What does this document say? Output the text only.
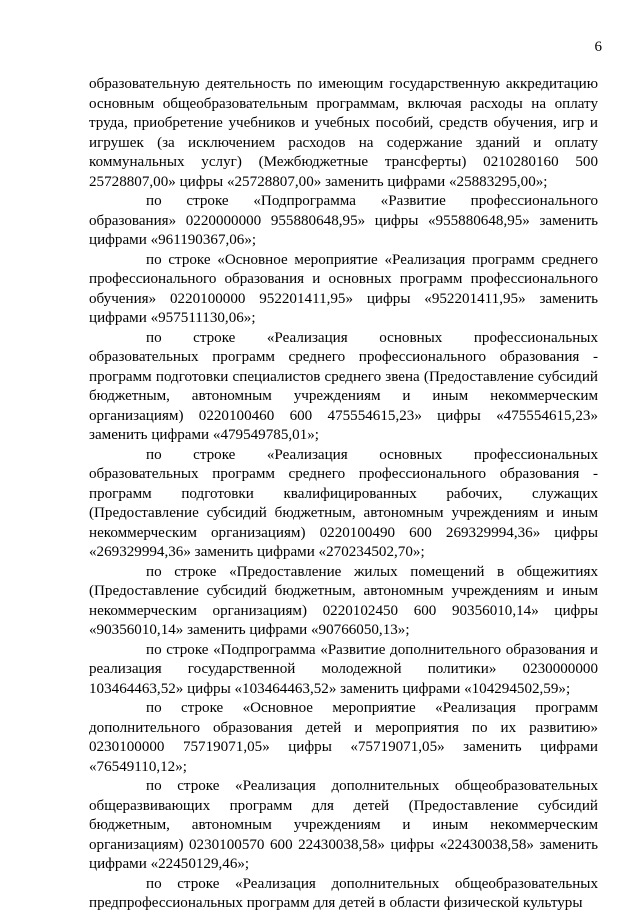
6

образовательную деятельность по имеющим государственную аккредитацию основным общеобразовательным программам, включая расходы на оплату труда, приобретение учебников и учебных пособий, средств обучения, игр и игрушек (за исключением расходов на содержание зданий и оплату коммунальных услуг) (Межбюджетные трансферты) 0210280160 500 25728807,00» цифры «25728807,00» заменить цифрами «25883295,00»;

по строке «Подпрограмма «Развитие профессионального образования» 0220000000 955880648,95» цифры «955880648,95» заменить цифрами «961190367,06»;

по строке «Основное мероприятие «Реализация программ среднего профессионального образования и основных программ профессионального обучения» 0220100000 952201411,95» цифры «952201411,95» заменить цифрами «957511130,06»;

по строке «Реализация основных профессиональных образовательных программ среднего профессионального образования - программ подготовки специалистов среднего звена (Предоставление субсидий бюджетным, автономным учреждениям и иным некоммерческим организациям) 0220100460 600 475554615,23» цифры «475554615,23» заменить цифрами «479549785,01»;

по строке «Реализация основных профессиональных образовательных программ среднего профессионального образования - программ подготовки квалифицированных рабочих, служащих (Предоставление субсидий бюджетным, автономным учреждениям и иным некоммерческим организациям) 0220100490 600 269329994,36» цифры «269329994,36» заменить цифрами «270234502,70»;

по строке «Предоставление жилых помещений в общежитиях (Предоставление субсидий бюджетным, автономным учреждениям и иным некоммерческим организациям) 0220102450 600 90356010,14» цифры «90356010,14» заменить цифрами «90766050,13»;

по строке «Подпрограмма «Развитие дополнительного образования и реализация государственной молодежной политики» 0230000000 103464463,52» цифры «103464463,52» заменить цифрами «104294502,59»;

по строке «Основное мероприятие «Реализация программ дополнительного образования детей и мероприятия по их развитию» 0230100000 75719071,05» цифры «75719071,05» заменить цифрами «76549110,12»;

по строке «Реализация дополнительных общеобразовательных общеразвивающих программ для детей (Предоставление субсидий бюджетным, автономным учреждениям и иным некоммерческим организациям) 0230100570 600 22430038,58» цифры «22430038,58» заменить цифрами «22450129,46»;

по строке «Реализация дополнительных общеобразовательных предпрофессиональных программ для детей в области физической культуры
